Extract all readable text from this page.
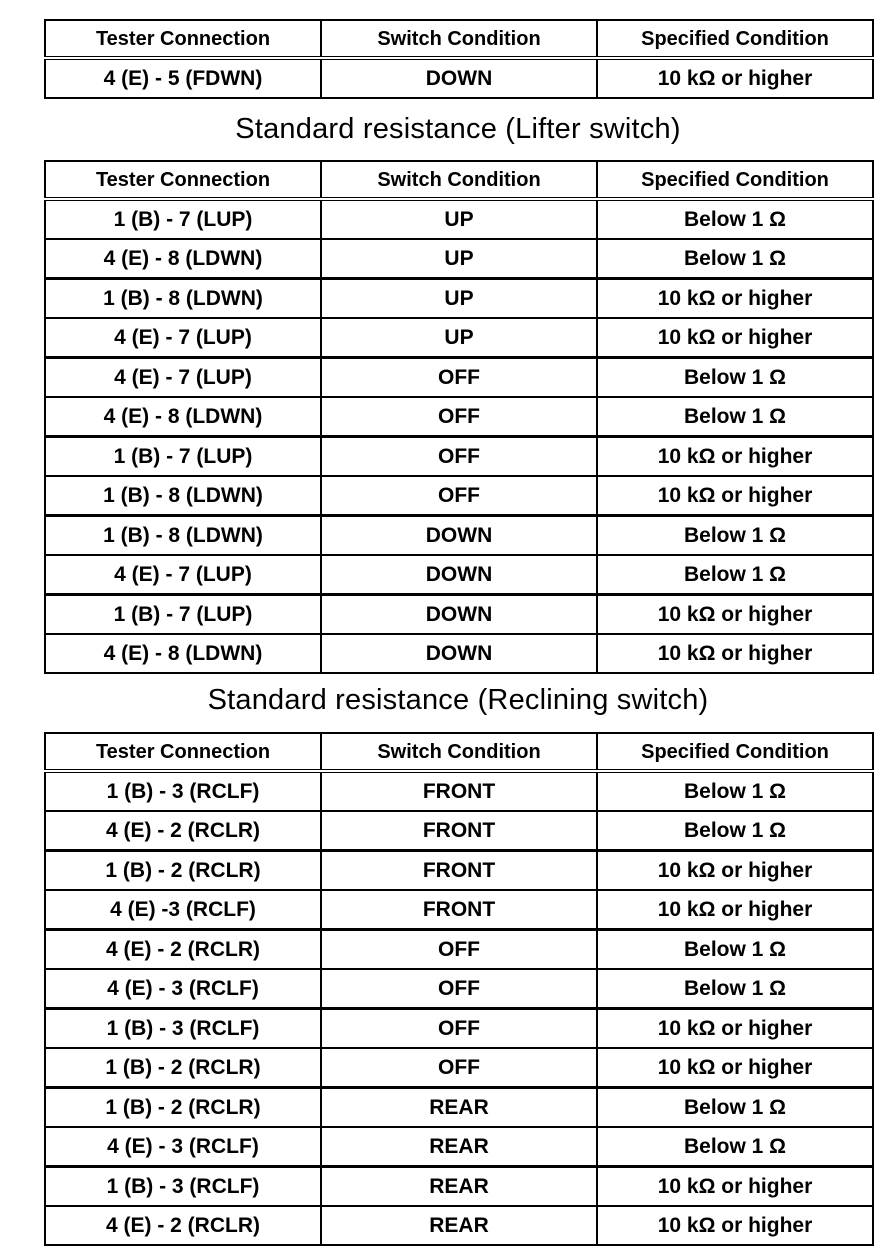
Tester Connection	Switch Condition	Specified Condition
4 (E) - 5 (FDWN)	DOWN	10 kΩ or higher
Standard resistance (Lifter switch)
Tester Connection	Switch Condition	Specified Condition
1 (B) - 7 (LUP)	UP	Below 1 Ω
4 (E) - 8 (LDWN)	UP	Below 1 Ω
1 (B) - 8 (LDWN)	UP	10 kΩ or higher
4 (E) - 7 (LUP)	UP	10 kΩ or higher
4 (E) - 7 (LUP)	OFF	Below 1 Ω
4 (E) - 8 (LDWN)	OFF	Below 1 Ω
1 (B) - 7 (LUP)	OFF	10 kΩ or higher
1 (B) - 8 (LDWN)	OFF	10 kΩ or higher
1 (B) - 8 (LDWN)	DOWN	Below 1 Ω
4 (E) - 7 (LUP)	DOWN	Below 1 Ω
1 (B) - 7 (LUP)	DOWN	10 kΩ or higher
4 (E) - 8 (LDWN)	DOWN	10 kΩ or higher
Standard resistance (Reclining switch)
Tester Connection	Switch Condition	Specified Condition
1 (B) - 3 (RCLF)	FRONT	Below 1 Ω
4 (E) - 2 (RCLR)	FRONT	Below 1 Ω
1 (B) - 2 (RCLR)	FRONT	10 kΩ or higher
4 (E) -3 (RCLF)	FRONT	10 kΩ or higher
4 (E) - 2 (RCLR)	OFF	Below 1 Ω
4 (E) - 3 (RCLF)	OFF	Below 1 Ω
1 (B) - 3 (RCLF)	OFF	10 kΩ or higher
1 (B) - 2 (RCLR)	OFF	10 kΩ or higher
1 (B) - 2 (RCLR)	REAR	Below 1 Ω
4 (E) - 3 (RCLF)	REAR	Below 1 Ω
1 (B) - 3 (RCLF)	REAR	10 kΩ or higher
4 (E) - 2 (RCLR)	REAR	10 kΩ or higher
